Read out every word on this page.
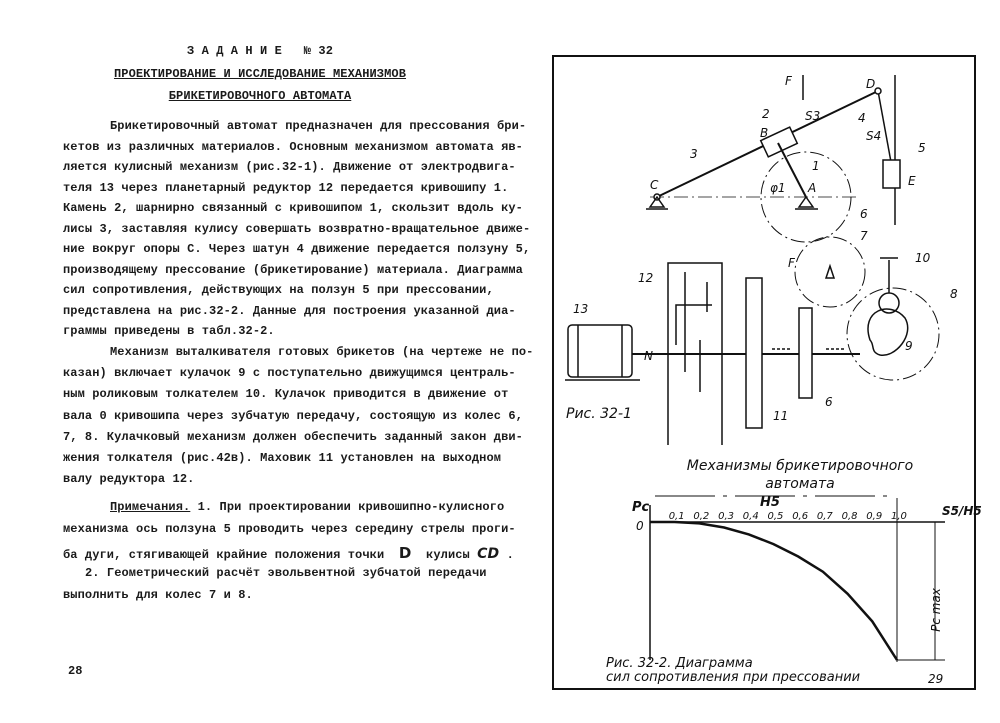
З А Д А Н И Е   № 32
ПРОЕКТИРОВАНИЕ И ИССЛЕДОВАНИЕ МЕХАНИЗМОВ
БРИКЕТИРОВОЧНОГО АВТОМАТА
Брикетировочный автомат предназначен для прессования бри-
кетов из различных материалов. Основным механизмом автомата яв-
ляется кулисный механизм (рис.32-1). Движение от электродвига-
теля 13 через планетарный редуктор 12 передается кривошипу 1.
Камень 2, шарнирно связанный с кривошипом 1, скользит вдоль ку-
лисы 3, заставляя кулису совершать возвратно-вращательное движе-
ние вокруг опоры С. Через шатун 4 движение передается ползуну 5,
производящему прессование (брикетирование) материала. Диаграмма
сил сопротивления, действующих на ползун 5 при прессовании,
представлена на рис.32-2. Данные для построения указанной диа-
граммы приведены в табл.32-2.
Механизм выталкивателя готовых брикетов (на чертеже не по-
казан) включает кулачок 9 с поступательно движущимся централь-
ным роликовым толкателем 10. Кулачок приводится в движение от
вала 0 кривошипа через зубчатую передачу, состоящую из колес 6,
7, 8. Кулачковый механизм должен обеспечить заданный закон дви-
жения толкателя (рис.42в). Маховик 11 установлен на выходном
валу редуктора 12.
Примечания. 1. При проектировании кривошипно-кулисного
механизма ось ползуна 5 проводить через середину стрелы проги-
ба дуги, стягивающей крайние положения точки D кулисы CD .
2. Геометрический расчёт эвольвентной зубчатой передачи
выполнить для колес 7 и 8.
28
F	D
S3
S4
2
B
3
4
5
E
C	A
φ1
1
6
7
10
8
9
12
13
N
11
6
F
Рис. 32-1
Механизмы брикетировочного
автомата
Pc
0
H5
S5/H5
Pc max
Рис. 32-2. Диаграмма
сил сопротивления при прессовании	29
0,1 0,2 0,3 0,4 0,5 0,6 0,7 0,8 0,9 1,0
